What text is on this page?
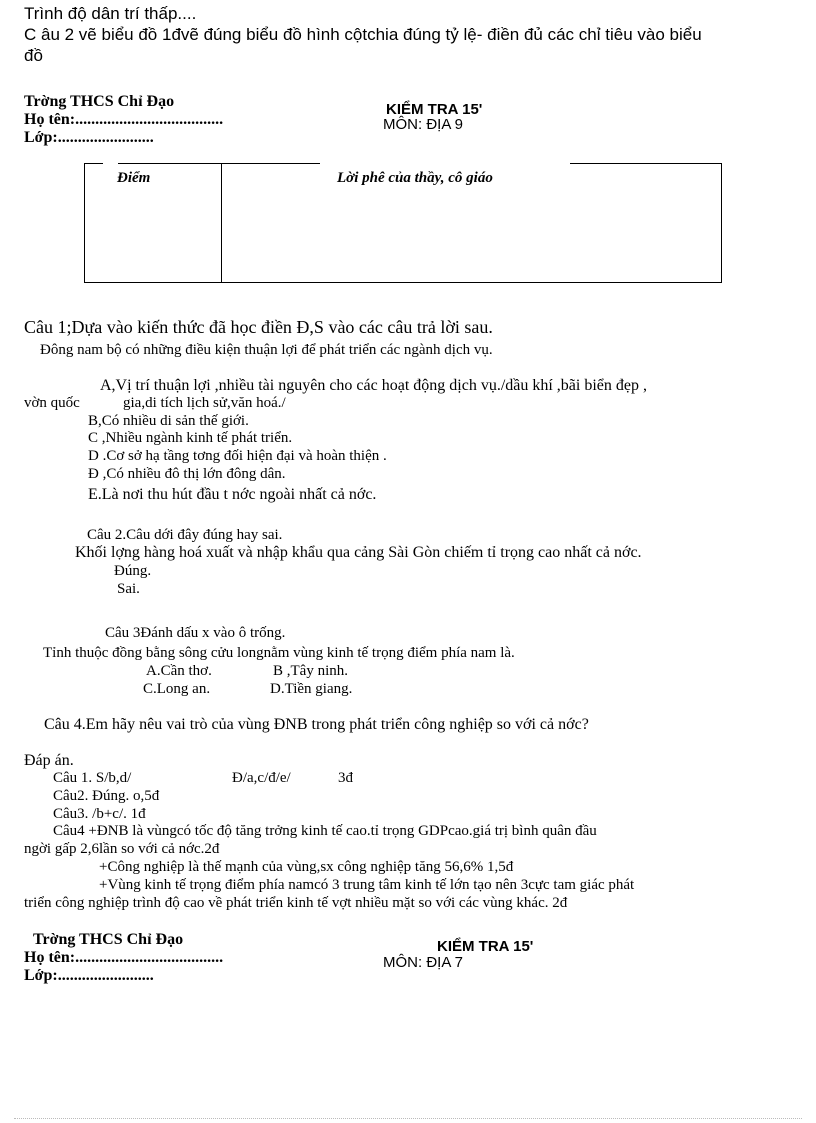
Trình độ dân trí thấp....
C âu 2 vẽ biểu đồ 1đvẽ đúng biểu đồ hình cộtchia đúng tỷ lệ- điền đủ các chỉ tiêu vào biểu
đồ
Trờng THCS Chỉ Đạo
Họ tên:.....................................
Lớp:........................
KIỂM TRA 15'
MÔN: ĐỊA 9
Điểm	Lời phê của thầy, cô giáo
Câu 1;Dựa vào kiến thức đã học điền Đ,S vào các câu trả lời sau.
Đông nam bộ có những điều kiện thuận lợi để phát triển các ngành dịch vụ.
A,Vị trí thuận lợi ,nhiều tài nguyên cho các hoạt động dịch vụ./dầu khí ,bãi biển đẹp ,
vờn quốc	gia,di tích lịch sử,văn hoá./
B,Có nhiều di sản thế giới.
C ,Nhiều ngành kinh tế phát triển.
D .Cơ sở hạ tầng tơng đối hiện đại và hoàn thiện .
Đ ,Có nhiều đô thị lớn đông dân.
E.Là nơi thu hút đầu t nớc ngoài nhất cả nớc.
Câu 2.Câu dới đây đúng hay sai.
Khối lợng hàng hoá xuất và nhập khẩu qua cảng Sài Gòn chiếm tỉ trọng cao nhất cả nớc.
Đúng.
Sai.
Câu 3Đánh dấu x vào ô trống.
Tỉnh thuộc đồng bằng sông cửu longnằm vùng kinh tế trọng điểm phía nam là.
A.Cần thơ.	B ,Tây ninh.
C.Long an.	D.Tiền giang.
Câu 4.Em hãy nêu vai trò của vùng ĐNB trong phát triển công nghiệp so với cả nớc?
Đáp án.
Câu 1. S/b,d/	Đ/a,c/đ/e/	3đ
Câu2. Đúng. o,5đ
Câu3. /b+c/. 1đ
Câu4 +ĐNB là vùngcó tốc độ tăng trởng kinh tế cao.tỉ trọng GDPcao.giá trị bình quân đầu
ngời gấp 2,6lần so với cả nớc.2đ
+Công nghiệp là thế mạnh của vùng,sx công nghiệp tăng 56,6% 1,5đ
+Vùng kinh tế trọng điểm phía namcó 3 trung tâm kinh tế lớn tạo nên 3cực tam giác phát
triển công nghiệp trình độ cao về phát triển kinh tế vợt nhiều mặt so với các vùng khác. 2đ
Trờng THCS Chỉ Đạo
Họ tên:.....................................
Lớp:........................
KIỂM TRA 15'
MÔN: ĐỊA 7
